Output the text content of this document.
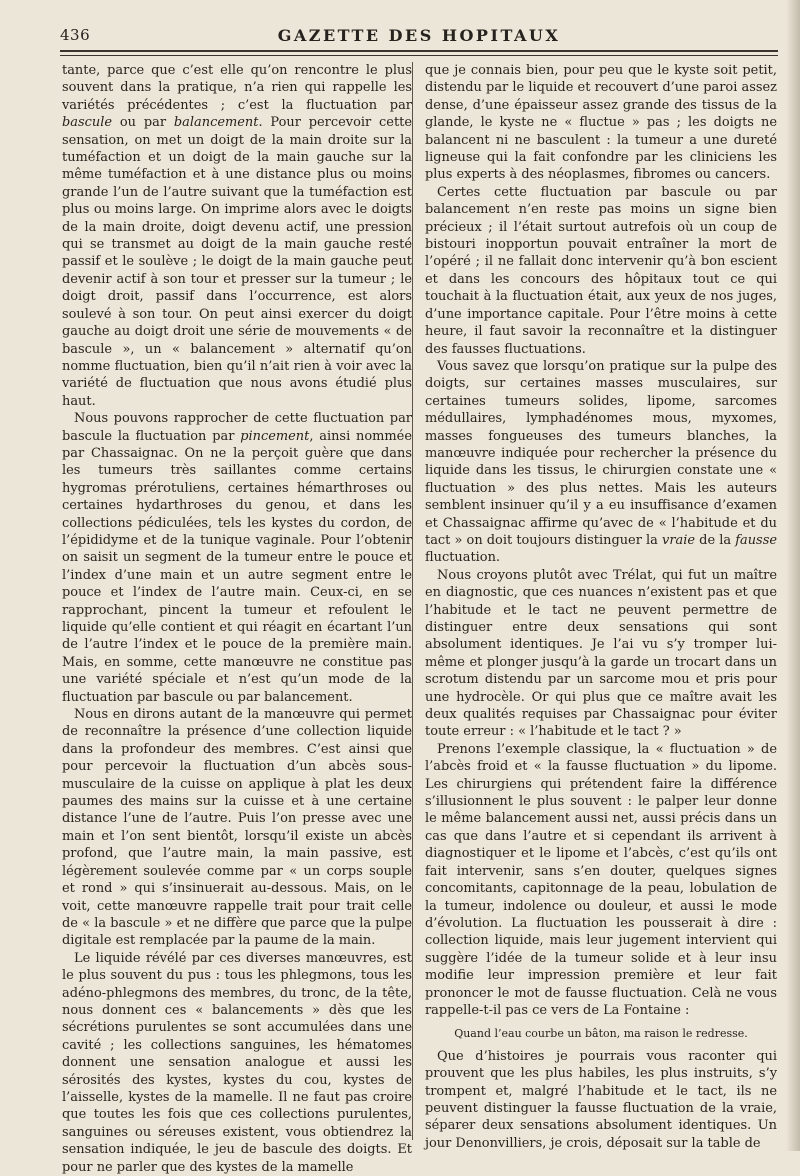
436	GAZETTE DES HOPITAUX

tante, parce que c’est elle qu’on rencontre le plus souvent dans la pratique, n’a rien qui rappelle les variétés précédentes ; c’est la fluctuation par bascule ou par balancement. Pour percevoir cette sensation, on met un doigt de la main droite sur la tuméfaction et un doigt de la main gauche sur la même tuméfaction et à une distance plus ou moins grande l’un de l’autre suivant que la tuméfaction est plus ou moins large. On imprime alors avec le doigts de la main droite, doigt devenu actif, une pression qui se transmet au doigt de la main gauche resté passif et le soulève ; le doigt de la main gauche peut devenir actif à son tour et presser sur la tumeur ; le doigt droit, passif dans l’occurrence, est alors soulevé à son tour. On peut ainsi exercer du doigt gauche au doigt droit une série de mouvements « de bascule », un « balancement » alternatif qu’on nomme fluctuation, bien qu’il n’ait rien à voir avec la variété de fluctuation que nous avons étudié plus haut.

Nous pouvons rapprocher de cette fluctuation par bascule la fluctuation par pincement, ainsi nommée par Chassaignac. On ne la perçoit guère que dans les tumeurs très saillantes comme certains hygromas prérotuliens, certaines hémarthroses ou certaines hydarthroses du genou, et dans les collections pédiculées, tels les kystes du cordon, de l’épididyme et de la tunique vaginale. Pour l’obtenir on saisit un segment de la tumeur entre le pouce et l’index d’une main et un autre segment entre le pouce et l’index de l’autre main. Ceux-ci, en se rapprochant, pincent la tumeur et refoulent le liquide qu’elle contient et qui réagit en écartant l’un de l’autre l’index et le pouce de la première main. Mais, en somme, cette manœuvre ne constitue pas une variété spéciale et n’est qu’un mode de la fluctuation par bascule ou par balancement.

Nous en dirons autant de la manœuvre qui permet de reconnaître la présence d’une collection liquide dans la profondeur des membres. C’est ainsi que pour percevoir la fluctuation d’un abcès sous-musculaire de la cuisse on applique à plat les deux paumes des mains sur la cuisse et à une certaine distance l’une de l’autre. Puis l’on presse avec une main et l’on sent bientôt, lorsqu’il existe un abcès profond, que l’autre main, la main passive, est légèrement soulevée comme par « un corps souple et rond » qui s’insinuerait au-dessous. Mais, on le voit, cette manœuvre rappelle trait pour trait celle de « la bascule » et ne diffère que parce que la pulpe digitale est remplacée par la paume de la main.

Le liquide révélé par ces diverses manœuvres, est le plus souvent du pus : tous les phlegmons, tous les adéno-phlegmons des membres, du tronc, de la tête, nous donnent ces « balancements » dès que les sécrétions purulentes se sont accumulées dans une cavité ; les collections sanguines, les hématomes donnent une sensation analogue et aussi les sérosités des kystes, kystes du cou, kystes de l’aisselle, kystes de la mamelle. Il ne faut pas croire que toutes les fois que ces collections purulentes, sanguines ou séreuses existent, vous obtiendrez la sensation indiquée, le jeu de bascule des doigts. Et pour ne parler que des kystes de la mamelle

que je connais bien, pour peu que le kyste soit petit, distendu par le liquide et recouvert d’une paroi assez dense, d’une épaisseur assez grande des tissus de la glande, le kyste ne « fluctue » pas ; les doigts ne balancent ni ne basculent : la tumeur a une dureté ligneuse qui la fait confondre par les cliniciens les plus experts à des néoplasmes, fibromes ou cancers.

Certes cette fluctuation par bascule ou par balancement n’en reste pas moins un signe bien précieux ; il l’était surtout autrefois où un coup de bistouri inopportun pouvait entraîner la mort de l’opéré ; il ne fallait donc intervenir qu’à bon escient et dans les concours des hôpitaux tout ce qui touchait à la fluctuation était, aux yeux de nos juges, d’une importance capitale. Pour l’être moins à cette heure, il faut savoir la reconnaître et la distinguer des fausses fluctuations.

Vous savez que lorsqu’on pratique sur la pulpe des doigts, sur certaines masses musculaires, sur certaines tumeurs solides, lipome, sarcomes médullaires, lymphadénomes mous, myxomes, masses fongueuses des tumeurs blanches, la manœuvre indiquée pour rechercher la présence du liquide dans les tissus, le chirurgien constate une « fluctuation » des plus nettes. Mais les auteurs semblent insinuer qu’il y a eu insuffisance d’examen et Chassaignac affirme qu’avec de « l’habitude et du tact » on doit toujours distinguer la vraie de la fausse fluctuation.

Nous croyons plutôt avec Trélat, qui fut un maître en diagnostic, que ces nuances n’existent pas et que l’habitude et le tact ne peuvent permettre de distinguer entre deux sensations qui sont absolument identiques. Je l’ai vu s’y tromper lui-même et plonger jusqu’à la garde un trocart dans un scrotum distendu par un sarcome mou et pris pour une hydrocèle. Or qui plus que ce maître avait les deux qualités requises par Chassaignac pour éviter toute erreur : « l’habitude et le tact ? »

Prenons l’exemple classique, la « fluctuation » de l’abcès froid et « la fausse fluctuation » du lipome. Les chirurgiens qui prétendent faire la différence s’illusionnent le plus souvent : le palper leur donne le même balancement aussi net, aussi précis dans un cas que dans l’autre et si cependant ils arrivent à diagnostiquer et le lipome et l’abcès, c’est qu’ils ont fait intervenir, sans s’en douter, quelques signes concomitants, capitonnage de la peau, lobulation de la tumeur, indolence ou douleur, et aussi le mode d’évolution. La fluctuation les pousserait à dire : collection liquide, mais leur jugement intervient qui suggère l’idée de la tumeur solide et à leur insu modifie leur impression première et leur fait prononcer le mot de fausse fluctuation. Celà ne vous rappelle-t-il pas ce vers de La Fontaine :

Quand l’eau courbe un bâton, ma raison le redresse.

Que d’histoires je pourrais vous raconter qui prouvent que les plus habiles, les plus instruits, s’y trompent et, malgré l’habitude et le tact, ils ne peuvent distinguer la fausse fluctuation de la vraie, séparer deux sensations absolument identiques. Un jour Denonvilliers, je crois, déposait sur la table de
